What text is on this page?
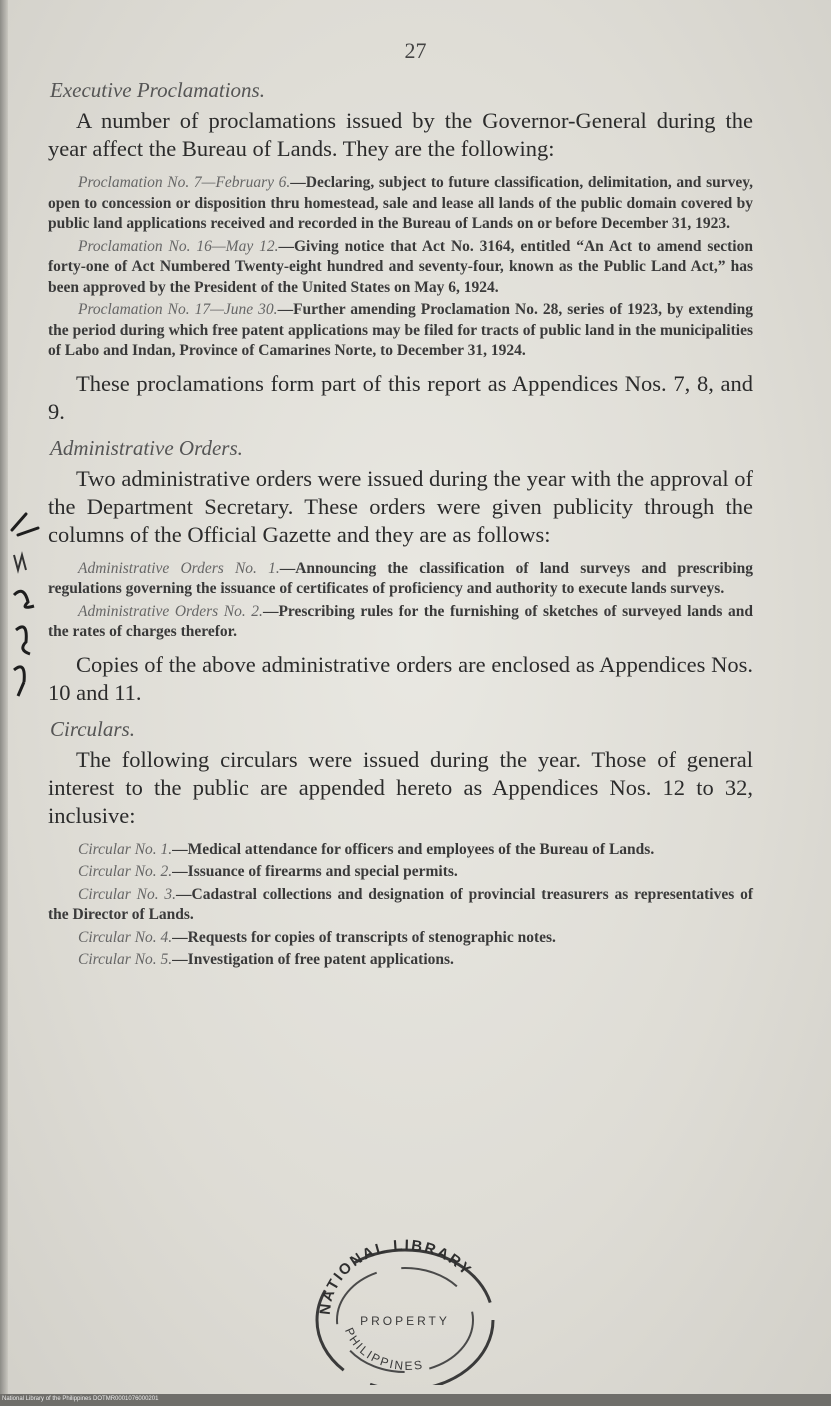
27
Executive Proclamations.

A number of proclamations issued by the Governor-General during the year affect the Bureau of Lands. They are the following:

Proclamation No. 7—February 6.—Declaring, subject to future classification, delimitation, and survey, open to concession or disposition thru homestead, sale and lease all lands of the public domain covered by public land applications received and recorded in the Bureau of Lands on or before December 31, 1923.

Proclamation No. 16—May 12.—Giving notice that Act No. 3164, entitled “An Act to amend section forty-one of Act Numbered Twenty-eight hundred and seventy-four, known as the Public Land Act,” has been approved by the President of the United States on May 6, 1924.

Proclamation No. 17—June 30.—Further amending Proclamation No. 28, series of 1923, by extending the period during which free patent applications may be filed for tracts of public land in the municipalities of Labo and Indan, Province of Camarines Norte, to December 31, 1924.

These proclamations form part of this report as Appendices Nos. 7, 8, and 9.

Administrative Orders.

Two administrative orders were issued during the year with the approval of the Department Secretary. These orders were given publicity through the columns of the Official Gazette and they are as follows:

Administrative Orders No. 1.—Announcing the classification of land surveys and prescribing regulations governing the issuance of certificates of proficiency and authority to execute lands surveys.

Administrative Orders No. 2.—Prescribing rules for the furnishing of sketches of surveyed lands and the rates of charges therefor.

Copies of the above administrative orders are enclosed as Appendices Nos. 10 and 11.

Circulars.

The following circulars were issued during the year. Those of general interest to the public are appended hereto as Appendices Nos. 12 to 32, inclusive:

Circular No. 1.—Medical attendance for officers and employees of the Bureau of Lands.

Circular No. 2.—Issuance of firearms and special permits.

Circular No. 3.—Cadastral collections and designation of provincial treasurers as representatives of the Director of Lands.

Circular No. 4.—Requests for copies of transcripts of stenographic notes.

Circular No. 5.—Investigation of free patent applications.

NATIONAL LIBRARY
PROPERTY
PHILIPPINES
National Library of the Philippines DOTMR0001076000201
